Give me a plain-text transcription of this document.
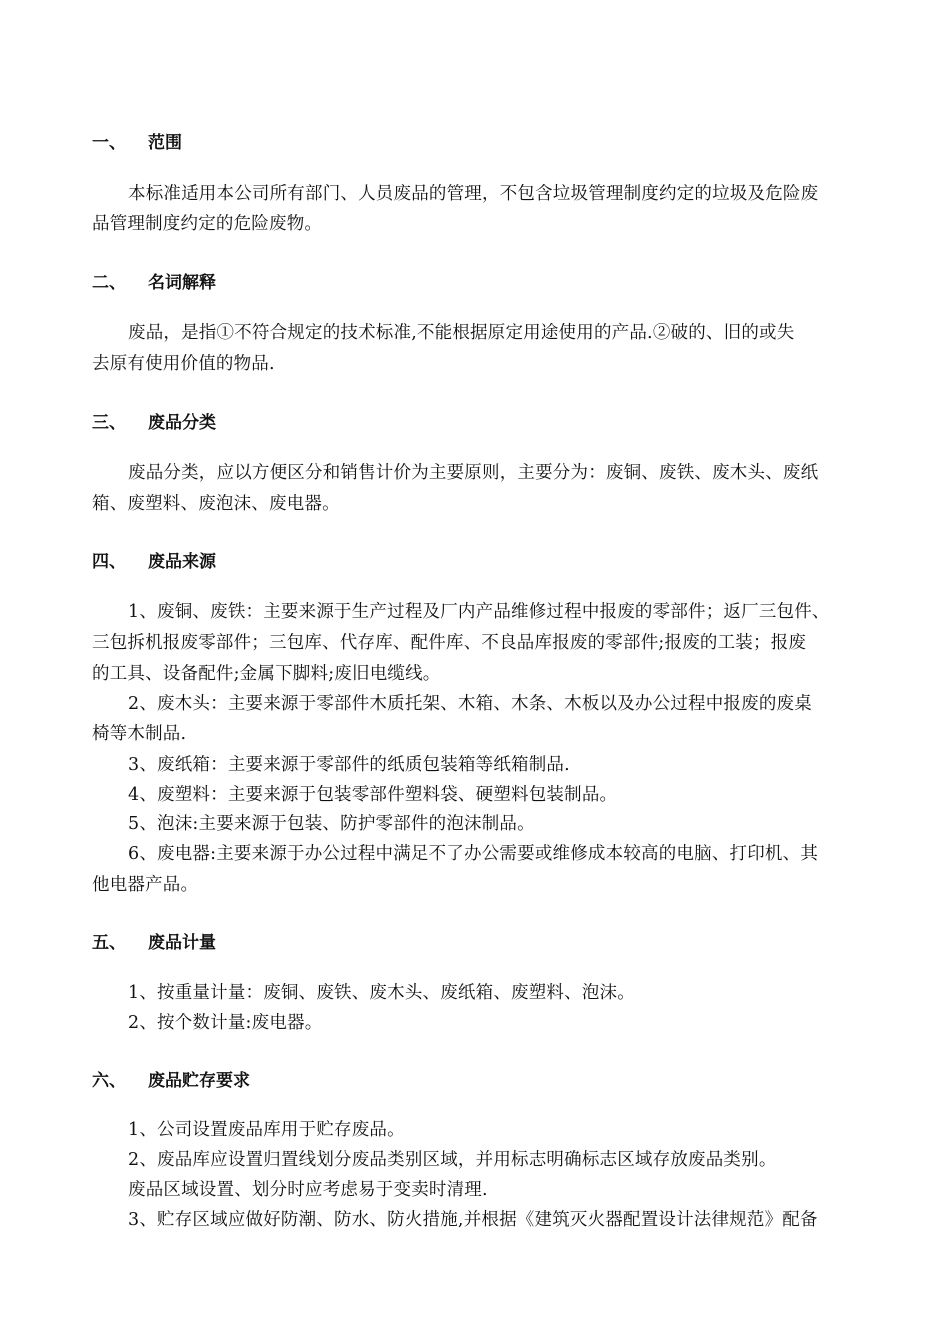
一、 范围
本标准适用本公司所有部门、人员废品的管理，不包含垃圾管理制度约定的垃圾及危险废
品管理制度约定的危险废物。
二、 名词解释
废品，是指①不符合规定的技术标准,不能根据原定用途使用的产品.②破的、旧的或失
去原有使用价值的物品.
三、 废品分类
废品分类，应以方便区分和销售计价为主要原则，主要分为：废铜、废铁、废木头、废纸
箱、废塑料、废泡沫、废电器。
四、 废品来源
1、废铜、废铁：主要来源于生产过程及厂内产品维修过程中报废的零部件；返厂三包件、
三包拆机报废零部件；三包库、代存库、配件库、不良品库报废的零部件;报废的工装；报废
的工具、设备配件;金属下脚料;废旧电缆线。
2、废木头：主要来源于零部件木质托架、木箱、木条、木板以及办公过程中报废的废桌
椅等木制品.
3、废纸箱：主要来源于零部件的纸质包装箱等纸箱制品.
4、废塑料：主要来源于包装零部件塑料袋、硬塑料包装制品。
5、泡沫:主要来源于包装、防护零部件的泡沫制品。
6、废电器:主要来源于办公过程中满足不了办公需要或维修成本较高的电脑、打印机、其
他电器产品。
五、 废品计量
1、按重量计量：废铜、废铁、废木头、废纸箱、废塑料、泡沫。
2、按个数计量:废电器。
六、 废品贮存要求
1、公司设置废品库用于贮存废品。
2、废品库应设置归置线划分废品类别区域，并用标志明确标志区域存放废品类别。
废品区域设置、划分时应考虑易于变卖时清理.
3、贮存区域应做好防潮、防水、防火措施,并根据《建筑灭火器配置设计法律规范》配备
